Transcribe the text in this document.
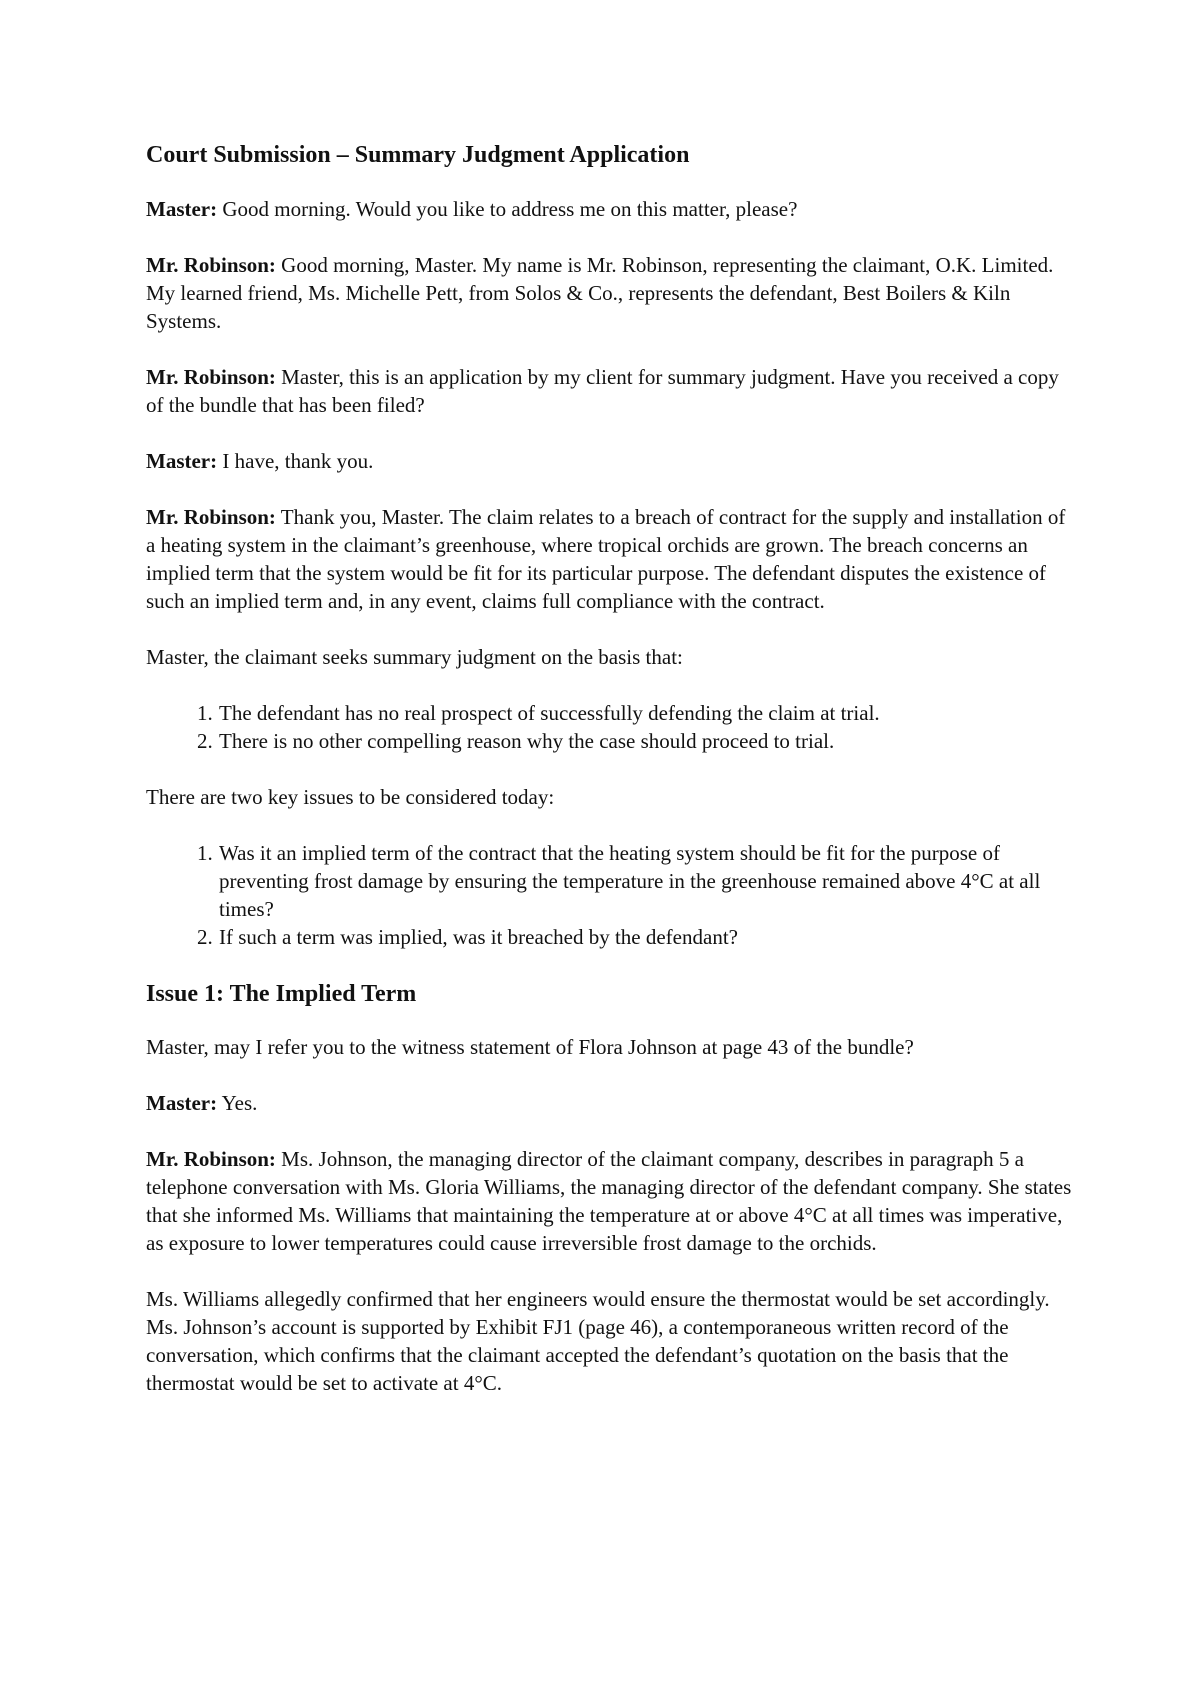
Court Submission – Summary Judgment Application

Master: Good morning. Would you like to address me on this matter, please?

Mr. Robinson: Good morning, Master. My name is Mr. Robinson, representing the claimant, O.K. Limited. My learned friend, Ms. Michelle Pett, from Solos & Co., represents the defendant, Best Boilers & Kiln Systems.

Mr. Robinson: Master, this is an application by my client for summary judgment. Have you received a copy of the bundle that has been filed?

Master: I have, thank you.

Mr. Robinson: Thank you, Master. The claim relates to a breach of contract for the supply and installation of a heating system in the claimant’s greenhouse, where tropical orchids are grown. The breach concerns an implied term that the system would be fit for its particular purpose. The defendant disputes the existence of such an implied term and, in any event, claims full compliance with the contract.

Master, the claimant seeks summary judgment on the basis that:

1. The defendant has no real prospect of successfully defending the claim at trial.
2. There is no other compelling reason why the case should proceed to trial.

There are two key issues to be considered today:

1. Was it an implied term of the contract that the heating system should be fit for the purpose of preventing frost damage by ensuring the temperature in the greenhouse remained above 4°C at all times?
2. If such a term was implied, was it breached by the defendant?
Issue 1: The Implied Term

Master, may I refer you to the witness statement of Flora Johnson at page 43 of the bundle?

Master: Yes.

Mr. Robinson: Ms. Johnson, the managing director of the claimant company, describes in paragraph 5 a telephone conversation with Ms. Gloria Williams, the managing director of the defendant company. She states that she informed Ms. Williams that maintaining the temperature at or above 4°C at all times was imperative, as exposure to lower temperatures could cause irreversible frost damage to the orchids.

Ms. Williams allegedly confirmed that her engineers would ensure the thermostat would be set accordingly. Ms. Johnson’s account is supported by Exhibit FJ1 (page 46), a contemporaneous written record of the conversation, which confirms that the claimant accepted the defendant’s quotation on the basis that the thermostat would be set to activate at 4°C.
